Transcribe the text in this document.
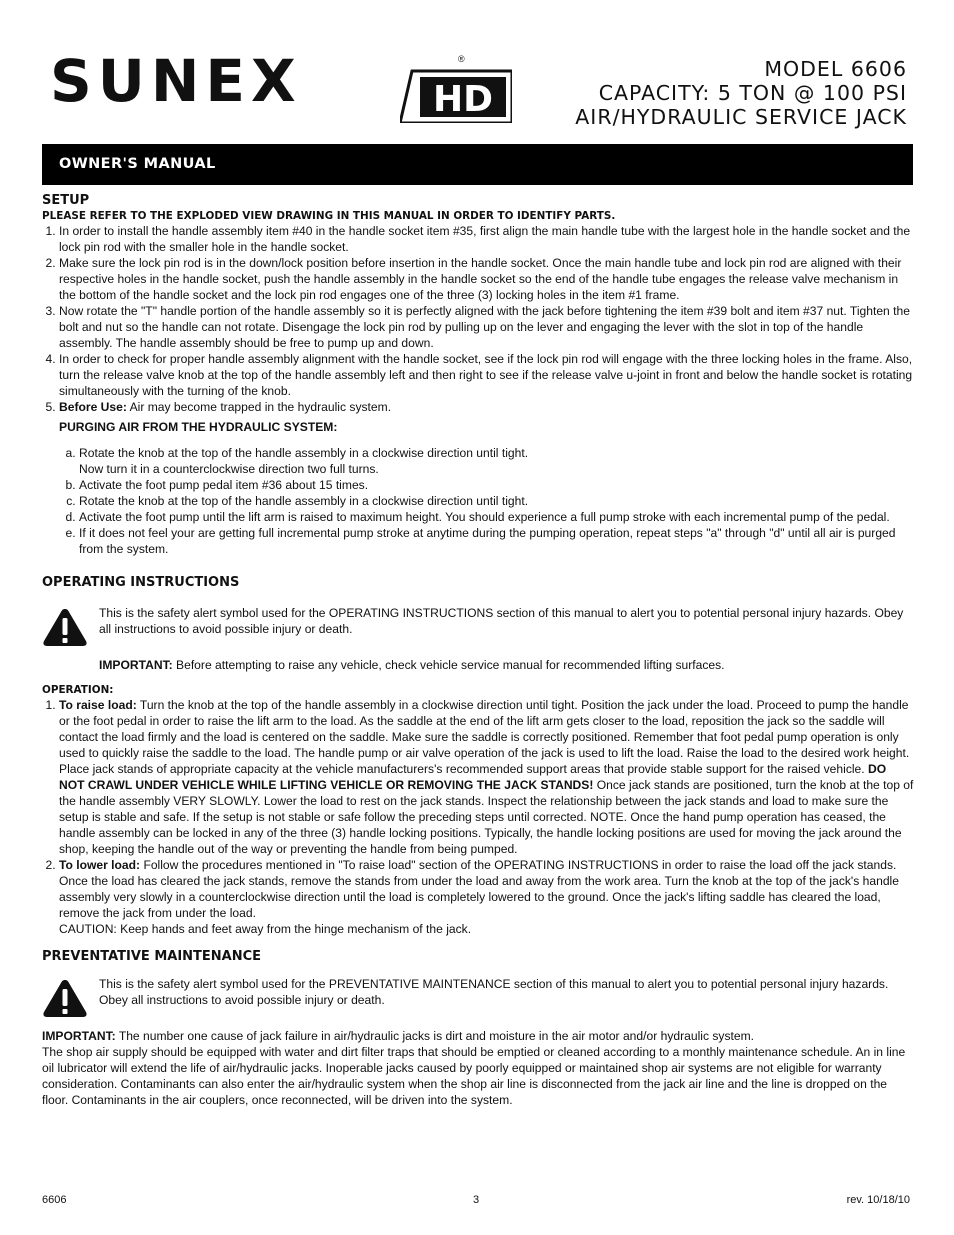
SUNEX	HD
®	MODEL 6606
CAPACITY: 5 TON @ 100 PSI
AIR/HYDRAULIC SERVICE JACK
OWNER'S MANUAL
SETUP

PLEASE REFER TO THE EXPLODED VIEW DRAWING IN THIS MANUAL IN ORDER TO IDENTIFY PARTS.

1. In order to install the handle assembly item #40 in the handle socket item #35, first align the main handle tube with the largest hole in the handle socket and the lock pin rod with the smaller hole in the handle socket.
2. Make sure the lock pin rod is in the down/lock position before insertion in the handle socket. Once the main handle tube and lock pin rod are aligned with their respective holes in the handle socket, push the handle assembly in the handle socket so the end of the handle tube engages the release valve mechanism in the bottom of the handle socket and the lock pin rod engages one of the three (3) locking holes in the item #1 frame.
3. Now rotate the "T" handle portion of the handle assembly so it is perfectly aligned with the jack before tightening the item #39 bolt and item #37 nut. Tighten the bolt and nut so the handle can not rotate. Disengage the lock pin rod by pulling up on the lever and engaging the lever with the slot in top of the handle assembly. The handle assembly should be free to pump up and down.
4. In order to check for proper handle assembly alignment with the handle socket, see if the lock pin rod will engage with the three locking holes in the frame. Also, turn the release valve knob at the top of the handle assembly left and then right to see if the release valve u-joint in front and below the handle socket is rotating simultaneously with the turning of the knob.
5. Before Use: Air may become trapped in the hydraulic system.
PURGING AIR FROM THE HYDRAULIC SYSTEM:
a. Rotate the knob at the top of the handle assembly in a clockwise direction until tight.
Now turn it in a counterclockwise direction two full turns.
b. Activate the foot pump pedal item #36 about 15 times.
c. Rotate the knob at the top of the handle assembly in a clockwise direction until tight.
d. Activate the foot pump until the lift arm is raised to maximum height. You should experience a full pump stroke with each incremental pump of the pedal.
e. If it does not feel your are getting full incremental pump stroke at anytime during the pumping operation, repeat steps "a" through "d" until all air is purged from the system.
OPERATING INSTRUCTIONS
This is the safety alert symbol used for the OPERATING INSTRUCTIONS section of this manual to alert you to potential personal injury hazards. Obey all instructions to avoid possible injury or death.
IMPORTANT: Before attempting to raise any vehicle, check vehicle service manual for recommended lifting surfaces.

OPERATION:

1. To raise load: Turn the knob at the top of the handle assembly in a clockwise direction until tight. Position the jack under the load. Proceed to pump the handle or the foot pedal in order to raise the lift arm to the load. As the saddle at the end of the lift arm gets closer to the load, reposition the jack so the saddle will contact the load firmly and the load is centered on the saddle. Make sure the saddle is correctly positioned. Remember that foot pedal pump operation is only used to quickly raise the saddle to the load. The handle pump or air valve operation of the jack is used to lift the load. Raise the load to the desired work height. Place jack stands of appropriate capacity at the vehicle manufacturers's recommended support areas that provide stable support for the raised vehicle. DO NOT CRAWL UNDER VEHICLE WHILE LIFTING VEHICLE OR REMOVING THE JACK STANDS! Once jack stands are positioned, turn the knob at the top of the handle assembly VERY SLOWLY. Lower the load to rest on the jack stands. Inspect the relationship between the jack stands and load to make sure the setup is stable and safe. If the setup is not stable or safe follow the preceding steps until corrected. NOTE. Once the hand pump operation has ceased, the handle assembly can be locked in any of the three (3) handle locking positions. Typically, the handle locking positions are used for moving the jack around the shop, keeping the handle out of the way or preventing the handle from being pumped.
2. To lower load: Follow the procedures mentioned in "To raise load" section of the OPERATING INSTRUCTIONS in order to raise the load off the jack stands. Once the load has cleared the jack stands, remove the stands from under the load and away from the work area. Turn the knob at the top of the jack's handle assembly very slowly in a counterclockwise direction until the load is completely lowered to the ground. Once the jack's lifting saddle has cleared the load, remove the jack from under the load.
CAUTION: Keep hands and feet away from the hinge mechanism of the jack.
PREVENTATIVE MAINTENANCE
This is the safety alert symbol used for the PREVENTATIVE MAINTENANCE section of this manual to alert you to potential personal injury hazards. Obey all instructions to avoid possible injury or death.
IMPORTANT: The number one cause of jack failure in air/hydraulic jacks is dirt and moisture in the air motor and/or hydraulic system.
The shop air supply should be equipped with water and dirt filter traps that should be emptied or cleaned according to a monthly maintenance schedule. An in line oil lubricator will extend the life of air/hydraulic jacks. Inoperable jacks caused by poorly equipped or maintained shop air systems are not eligible for warranty consideration. Contaminants can also enter the air/hydraulic system when the shop air line is disconnected from the jack air line and the line is dropped on the floor. Contaminants in the air couplers, once reconnected, will be driven into the system.
6606	3	rev. 10/18/10
